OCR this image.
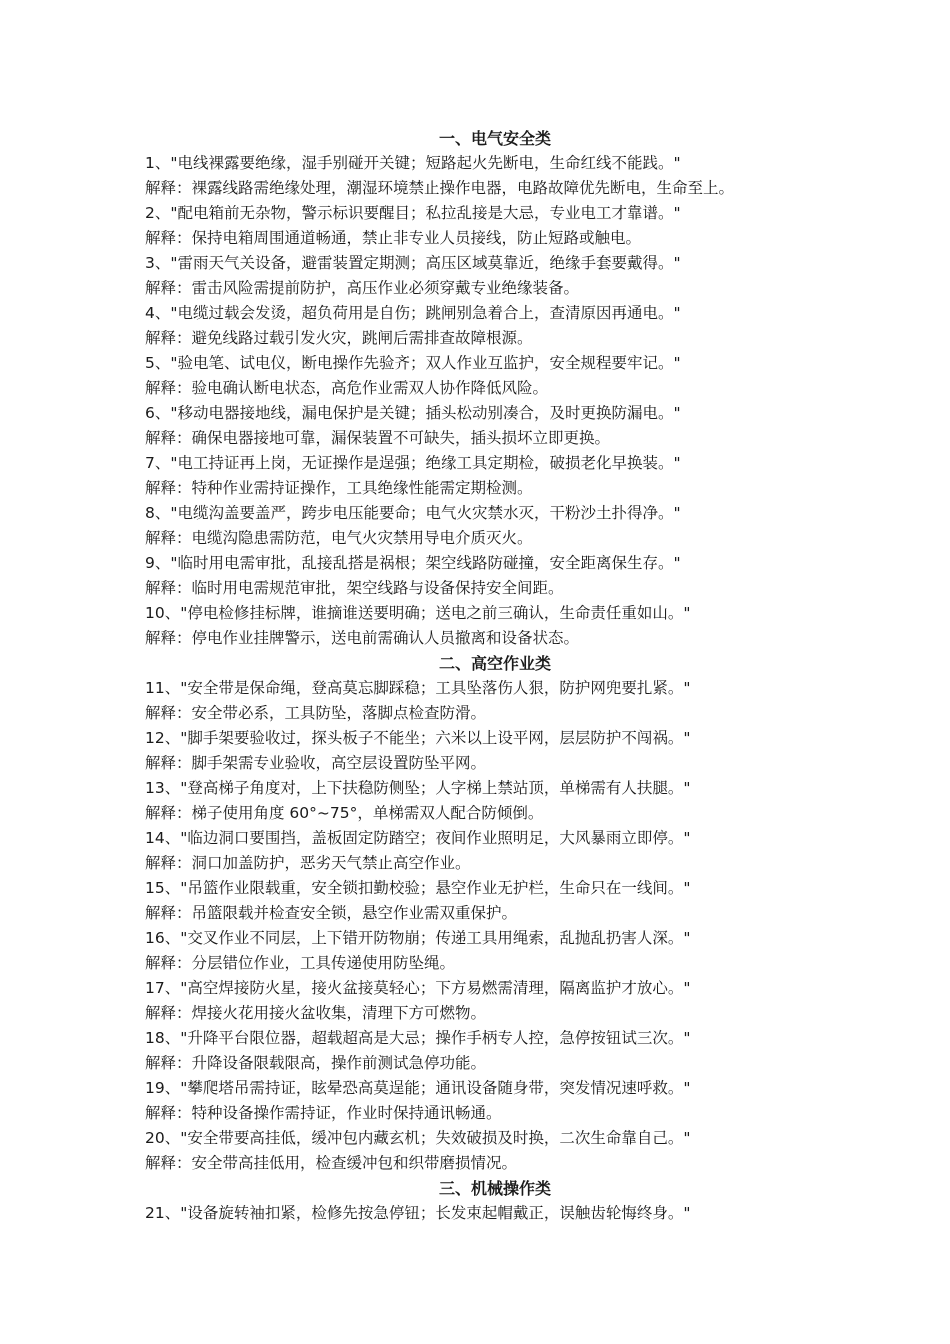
一、电气安全类
1、"电线裸露要绝缘，湿手别碰开关键；短路起火先断电，生命红线不能践。"
解释：裸露线路需绝缘处理，潮湿环境禁止操作电器，电路故障优先断电，生命至上。
2、"配电箱前无杂物，警示标识要醒目；私拉乱接是大忌，专业电工才靠谱。"
解释：保持电箱周围通道畅通，禁止非专业人员接线，防止短路或触电。
3、"雷雨天气关设备，避雷装置定期测；高压区域莫靠近，绝缘手套要戴得。"
解释：雷击风险需提前防护，高压作业必须穿戴专业绝缘装备。
4、"电缆过载会发烫，超负荷用是自伤；跳闸别急着合上，查清原因再通电。"
解释：避免线路过载引发火灾，跳闸后需排查故障根源。
5、"验电笔、试电仪，断电操作先验齐；双人作业互监护，安全规程要牢记。"
解释：验电确认断电状态，高危作业需双人协作降低风险。
6、"移动电器接地线，漏电保护是关键；插头松动别凑合，及时更换防漏电。"
解释：确保电器接地可靠，漏保装置不可缺失，插头损坏立即更换。
7、"电工持证再上岗，无证操作是逞强；绝缘工具定期检，破损老化早换装。"
解释：特种作业需持证操作，工具绝缘性能需定期检测。
8、"电缆沟盖要盖严，跨步电压能要命；电气火灾禁水灭，干粉沙土扑得净。"
解释：电缆沟隐患需防范，电气火灾禁用导电介质灭火。
9、"临时用电需审批，乱接乱搭是祸根；架空线路防碰撞，安全距离保生存。"
解释：临时用电需规范审批，架空线路与设备保持安全间距。
10、"停电检修挂标牌，谁摘谁送要明确；送电之前三确认，生命责任重如山。"
解释：停电作业挂牌警示，送电前需确认人员撤离和设备状态。
二、高空作业类
11、"安全带是保命绳，登高莫忘脚踩稳；工具坠落伤人狠，防护网兜要扎紧。"
解释：安全带必系，工具防坠，落脚点检查防滑。
12、"脚手架要验收过，探头板子不能坐；六米以上设平网，层层防护不闯祸。"
解释：脚手架需专业验收，高空层设置防坠平网。
13、"登高梯子角度对，上下扶稳防侧坠；人字梯上禁站顶，单梯需有人扶腿。"
解释：梯子使用角度 60°~75°，单梯需双人配合防倾倒。
14、"临边洞口要围挡，盖板固定防踏空；夜间作业照明足，大风暴雨立即停。"
解释：洞口加盖防护，恶劣天气禁止高空作业。
15、"吊篮作业限载重，安全锁扣勤校验；悬空作业无护栏，生命只在一线间。"
解释：吊篮限载并检查安全锁，悬空作业需双重保护。
16、"交叉作业不同层，上下错开防物崩；传递工具用绳索，乱抛乱扔害人深。"
解释：分层错位作业，工具传递使用防坠绳。
17、"高空焊接防火星，接火盆接莫轻心；下方易燃需清理，隔离监护才放心。"
解释：焊接火花用接火盆收集，清理下方可燃物。
18、"升降平台限位器，超载超高是大忌；操作手柄专人控，急停按钮试三次。"
解释：升降设备限载限高，操作前测试急停功能。
19、"攀爬塔吊需持证，眩晕恐高莫逞能；通讯设备随身带，突发情况速呼救。"
解释：特种设备操作需持证，作业时保持通讯畅通。
20、"安全带要高挂低，缓冲包内藏玄机；失效破损及时换，二次生命靠自己。"
解释：安全带高挂低用，检查缓冲包和织带磨损情况。
三、机械操作类
21、"设备旋转袖扣紧，检修先按急停钮；长发束起帽戴正，误触齿轮悔终身。"
